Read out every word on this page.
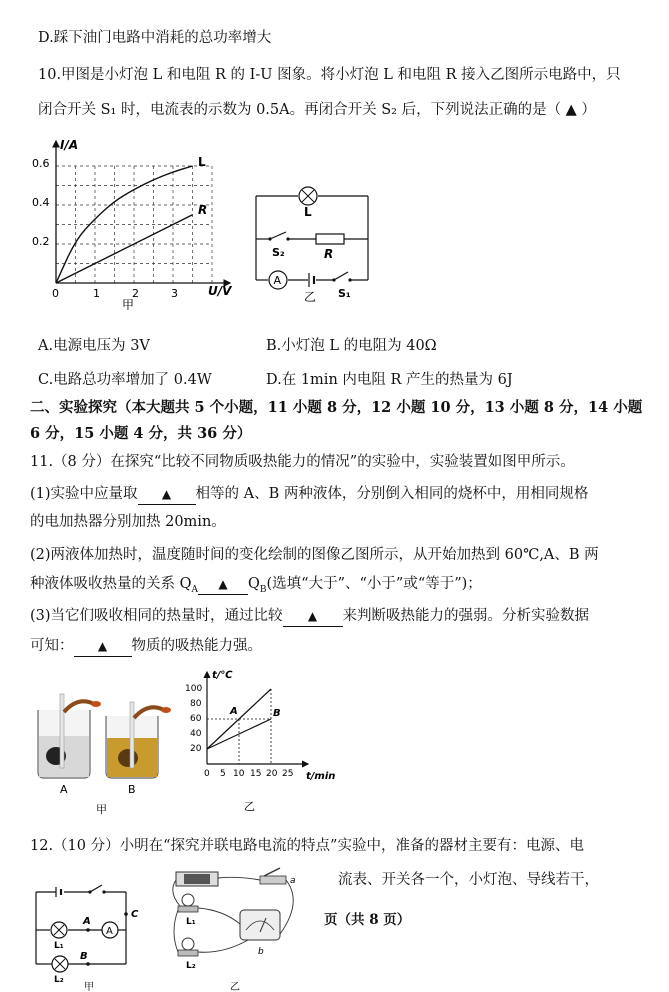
D.踩下油门电路中消耗的总功率增大
10.甲图是小灯泡 L 和电阻 R 的 I-U 图象。将小灯泡 L 和电阻 R 接入乙图所示电路中，只
闭合开关 S₁ 时，电流表的示数为 0.5A。再闭合开关 S₂ 后，下列说法正确的是（ ▲ ）
I/A
U/V
0.6
0.4
0.2
0	1	2	3
L
R
甲
A
L
S₂	R
S₁
乙
A.电源电压为 3V	B.小灯泡 L 的电阻为 40Ω
C.电路总功率增加了 0.4W	D.在 1min 内电阻 R 产生的热量为 6J
二、实验探究（本大题共 5 个小题，11 小题 8 分，12 小题 10 分，13 小题 8 分，14 小题
6 分，15 小题 4 分，共 36 分）
11.（8 分）在探究“比较不同物质吸热能力的情况”的实验中，实验装置如图甲所示。
(1)实验中应量取 ▲ 相等的 A、B 两种液体，分别倒入相同的烧杯中，用相同规格
的电加热器分别加热 20min。
(2)两液体加热时，温度随时间的变化绘制的图像乙图所示，从开始加热到 60℃,A、B 两
种液体吸收热量的关系 $Q_A$ ▲ $Q_B$(选填“大于”、“小于”或“等于”)；
(3)当它们吸收相同的热量时，通过比较 ▲ 来判断吸热能力的强弱。分析实验数据
可知： ▲ 物质的吸热能力强。
A	B
甲
t/℃
t/min
100
80
60
40
20
0 5 10 15 20 25
A	B
乙
12.（10 分）小明在“探究并联电路电流的特点”实验中，准备的器材主要有：电源、电
流表、开关各一个，小灯泡、导线若干，
页（共 8 页）
A
A
C
B
L₁
L₂
甲
a
b
L₁
L₂
乙
